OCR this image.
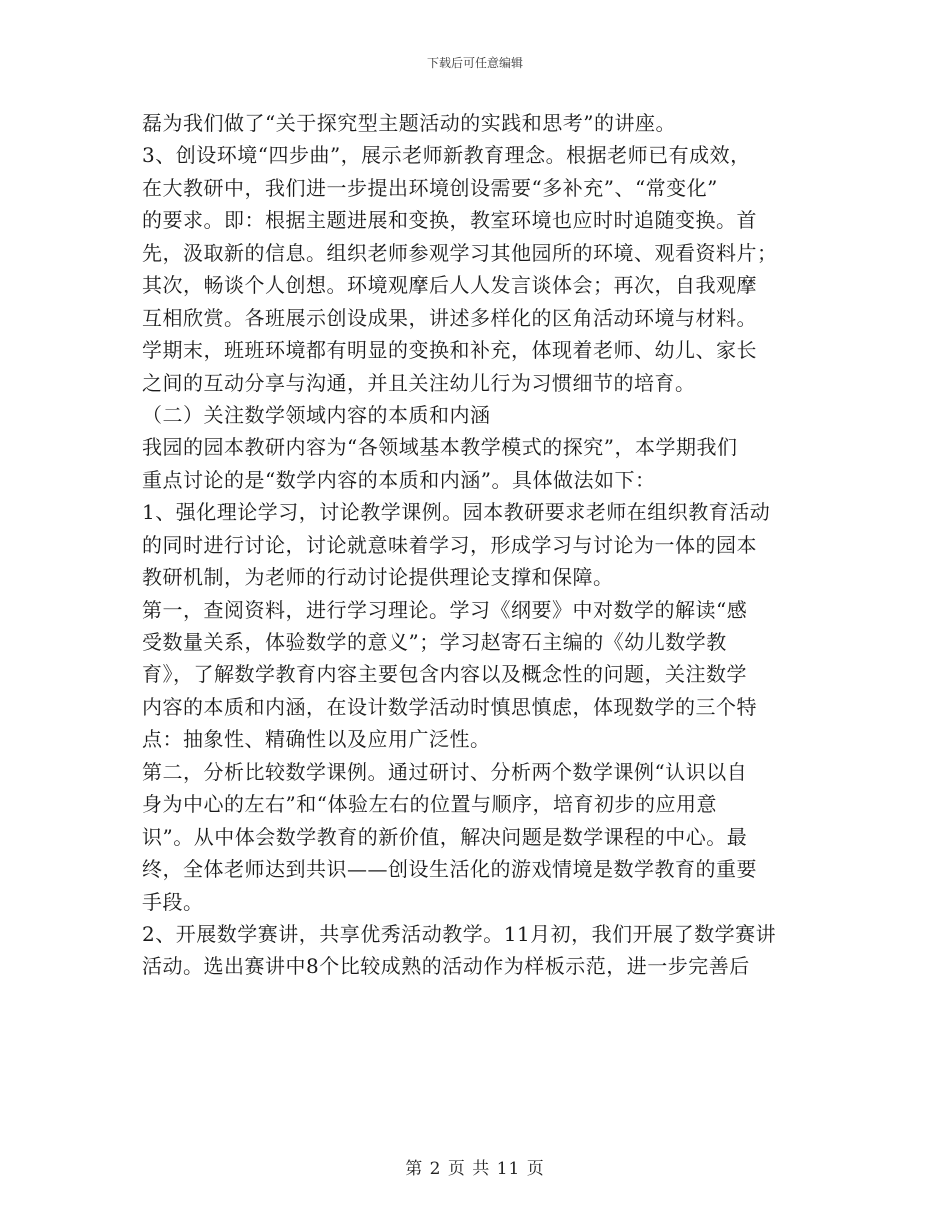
下载后可任意编辑
磊为我们做了“关于探究型主题活动的实践和思考”的讲座。
3、创设环境“四步曲”，展示老师新教育理念。根据老师已有成效，
在大教研中，我们进一步提出环境创设需要“多补充”、“常变化”
的要求。即：根据主题进展和变换，教室环境也应时时追随变换。首
先，汲取新的信息。组织老师参观学习其他园所的环境、观看资料片；
其次，畅谈个人创想。环境观摩后人人发言谈体会；再次，自我观摩
互相欣赏。各班展示创设成果，讲述多样化的区角活动环境与材料。
学期末，班班环境都有明显的变换和补充，体现着老师、幼儿、家长
之间的互动分享与沟通，并且关注幼儿行为习惯细节的培育。
（二）关注数学领域内容的本质和内涵
我园的园本教研内容为“各领域基本教学模式的探究”，本学期我们
重点讨论的是“数学内容的本质和内涵”。具体做法如下：
1、强化理论学习，讨论教学课例。园本教研要求老师在组织教育活动
的同时进行讨论，讨论就意味着学习，形成学习与讨论为一体的园本
教研机制，为老师的行动讨论提供理论支撑和保障。
第一，查阅资料，进行学习理论。学习《纲要》中对数学的解读“感
受数量关系，体验数学的意义”；学习赵寄石主编的《幼儿数学教
育》，了解数学教育内容主要包含内容以及概念性的问题，关注数学
内容的本质和内涵，在设计数学活动时慎思慎虑，体现数学的三个特
点：抽象性、精确性以及应用广泛性。
第二，分析比较数学课例。通过研讨、分析两个数学课例“认识以自
身为中心的左右”和“体验左右的位置与顺序，培育初步的应用意
识”。从中体会数学教育的新价值，解决问题是数学课程的中心。最
终，全体老师达到共识——创设生活化的游戏情境是数学教育的重要
手段。
2、开展数学赛讲，共享优秀活动教学。11月初，我们开展了数学赛讲
活动。选出赛讲中8个比较成熟的活动作为样板示范，进一步完善后
第 2 页 共 11 页
